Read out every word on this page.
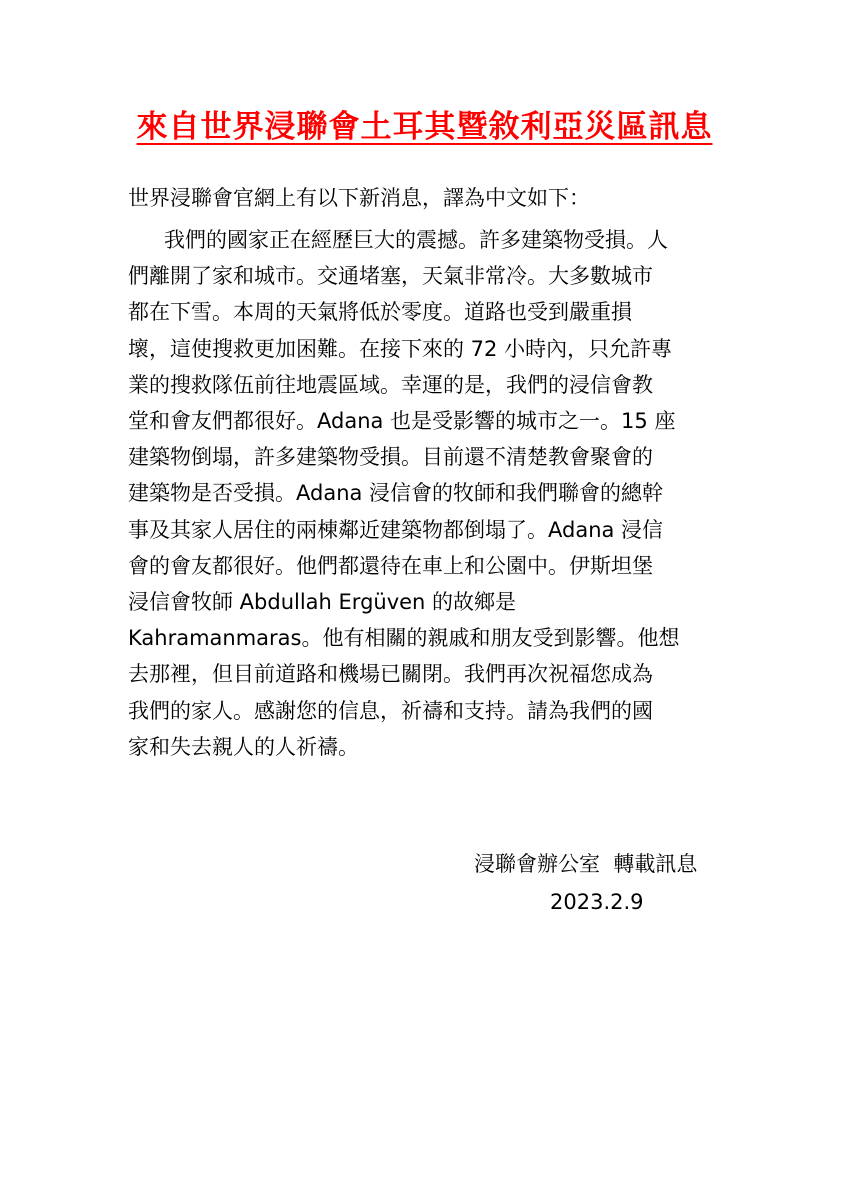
來自世界浸聯會土耳其暨敘利亞災區訊息

世界浸聯會官網上有以下新消息，譯為中文如下：

我們的國家正在經歷巨大的震撼。許多建築物受損。人
們離開了家和城市。交通堵塞，天氣非常冷。大多數城市
都在下雪。本周的天氣將低於零度。道路也受到嚴重損
壞，這使搜救更加困難。在接下來的 72 小時內，只允許專
業的搜救隊伍前往地震區域。幸運的是，我們的浸信會教
堂和會友們都很好。Adana 也是受影響的城市之一。15 座
建築物倒塌，許多建築物受損。目前還不清楚教會聚會的
建築物是否受損。Adana 浸信會的牧師和我們聯會的總幹
事及其家人居住的兩棟鄰近建築物都倒塌了。Adana 浸信
會的會友都很好。他們都還待在車上和公園中。伊斯坦堡
浸信會牧師 Abdullah Ergüven 的故鄉是
Kahramanmaras。他有相關的親戚和朋友受到影響。他想
去那裡，但目前道路和機場已關閉。我們再次祝福您成為
我們的家人。感謝您的信息，祈禱和支持。請為我們的國
家和失去親人的人祈禱。

浸聯會辦公室  轉載訊息

2023.2.9
